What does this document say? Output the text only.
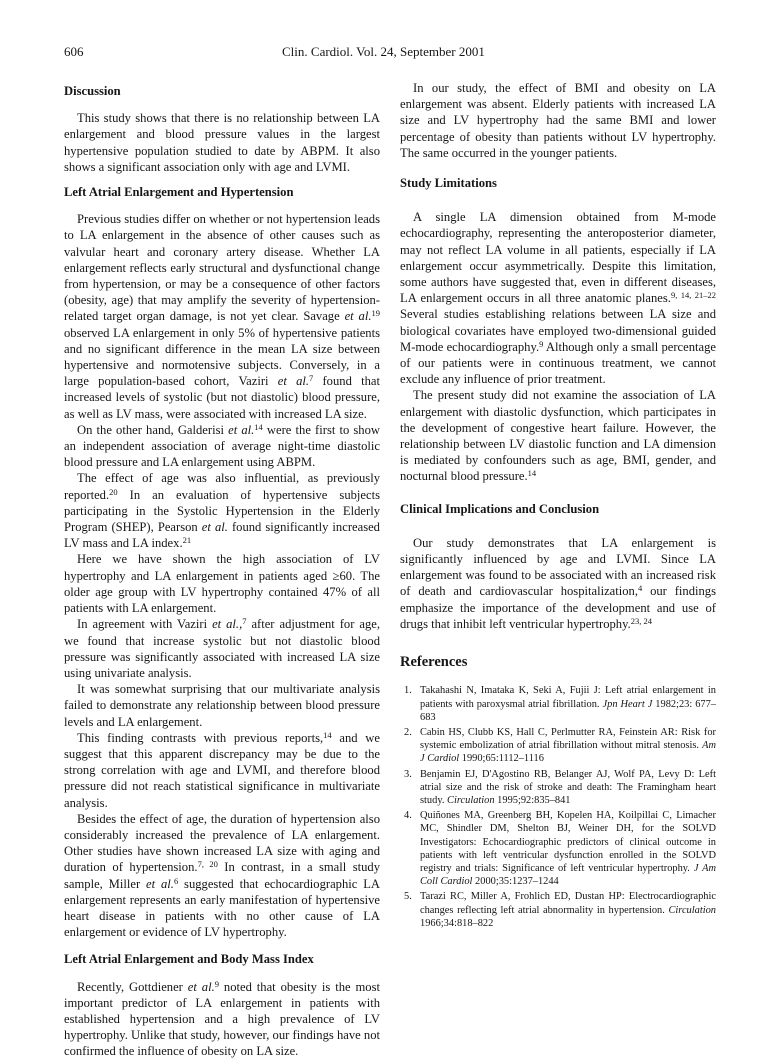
606	Clin. Cardiol. Vol. 24, September 2001
Discussion

This study shows that there is no relationship between LA enlargement and blood pressure values in the largest hypertensive population studied to date by ABPM. It also shows a significant association only with age and LVMI.

Left Atrial Enlargement and Hypertension

Previous studies differ on whether or not hypertension leads to LA enlargement in the absence of other causes such as valvular heart and coronary artery disease. Whether LA enlargement reflects early structural and dysfunctional change from hypertension, or may be a consequence of other factors (obesity, age) that may amplify the severity of hypertension-related target organ damage, is not yet clear. Savage et al.$^{19}$ observed LA enlargement in only 5% of hypertensive patients and no significant difference in the mean LA size between hypertensive and normotensive subjects. Conversely, in a large population-based cohort, Vaziri et al.$^7$ found that increased levels of systolic (but not diastolic) blood pressure, as well as LV mass, were associated with increased LA size.

On the other hand, Galderisi et al.$^{14}$ were the first to show an independent association of average night-time diastolic blood pressure and LA enlargement using ABPM.

The effect of age was also influential, as previously reported.$^{20}$ In an evaluation of hypertensive subjects participating in the Systolic Hypertension in the Elderly Program (SHEP), Pearson et al. found significantly increased LV mass and LA index.$^{21}$

Here we have shown the high association of LV hypertrophy and LA enlargement in patients aged ≥60. The older age group with LV hypertrophy contained 47% of all patients with LA enlargement.

In agreement with Vaziri et al.,$^7$ after adjustment for age, we found that increase systolic but not diastolic blood pressure was significantly associated with increased LA size using univariate analysis.

It was somewhat surprising that our multivariate analysis failed to demonstrate any relationship between blood pressure levels and LA enlargement.

This finding contrasts with previous reports,$^{14}$ and we suggest that this apparent discrepancy may be due to the strong correlation with age and LVMI, and therefore blood pressure did not reach statistical significance in multivariate analysis.

Besides the effect of age, the duration of hypertension also considerably increased the prevalence of LA enlargement. Other studies have shown increased LA size with aging and duration of hypertension.$^{7, 20}$ In contrast, in a small study sample, Miller et al.$^6$ suggested that echocardiographic LA enlargement represents an early manifestation of hypertensive heart disease in patients with no other cause of LA enlargement or evidence of LV hypertrophy.

Left Atrial Enlargement and Body Mass Index

Recently, Gottdiener et al.$^9$ noted that obesity is the most important predictor of LA enlargement in patients with established hypertension and a high prevalence of LV hypertrophy. Unlike that study, however, our findings have not confirmed the influence of obesity on LA size.

In our study, the effect of BMI and obesity on LA enlargement was absent. Elderly patients with increased LA size and LV hypertrophy had the same BMI and lower percentage of obesity than patients without LV hypertrophy. The same occurred in the younger patients.

Study Limitations

A single LA dimension obtained from M-mode echocardiography, representing the anteroposterior diameter, may not reflect LA volume in all patients, especially if LA enlargement occur asymmetrically. Despite this limitation, some authors have suggested that, even in different diseases, LA enlargement occurs in all three anatomic planes.$^{9, 14, 21-22}$ Several studies establishing relations between LA size and biological covariates have employed two-dimensional guided M-mode echocardiography.$^9$ Although only a small percentage of our patients were in continuous treatment, we cannot exclude any influence of prior treatment.

The present study did not examine the association of LA enlargement with diastolic dysfunction, which participates in the development of congestive heart failure. However, the relationship between LV diastolic function and LA dimension is mediated by confounders such as age, BMI, gender, and nocturnal blood pressure.$^{14}$

Clinical Implications and Conclusion

Our study demonstrates that LA enlargement is significantly influenced by age and LVMI. Since LA enlargement was found to be associated with an increased risk of death and cardiovascular hospitalization,$^4$ our findings emphasize the importance of the development and use of drugs that inhibit left ventricular hypertrophy.$^{23, 24}$

References
1. Takahashi N, Imataka K, Seki A, Fujii J: Left atrial enlargement in patients with paroxysmal atrial fibrillation. Jpn Heart J 1982;23: 677–683
2. Cabin HS, Clubb KS, Hall C, Perlmutter RA, Feinstein AR: Risk for systemic embolization of atrial fibrillation without mitral stenosis. Am J Cardiol 1990;65:1112–1116
3. Benjamin EJ, D'Agostino RB, Belanger AJ, Wolf PA, Levy D: Left atrial size and the risk of stroke and death: The Framingham heart study. Circulation 1995;92:835–841
4. Quiñones MA, Greenberg BH, Kopelen HA, Koilpillai C, Limacher MC, Shindler DM, Shelton BJ, Weiner DH, for the SOLVD Investigators: Echocardiographic predictors of clinical outcome in patients with left ventricular dysfunction enrolled in the SOLVD registry and trials: Significance of left ventricular hypertrophy. J Am Coll Cardiol 2000;35:1237–1244
5. Tarazi RC, Miller A, Frohlich ED, Dustan HP: Electrocardiographic changes reflecting left atrial abnormality in hypertension. Circulation 1966;34:818–822
